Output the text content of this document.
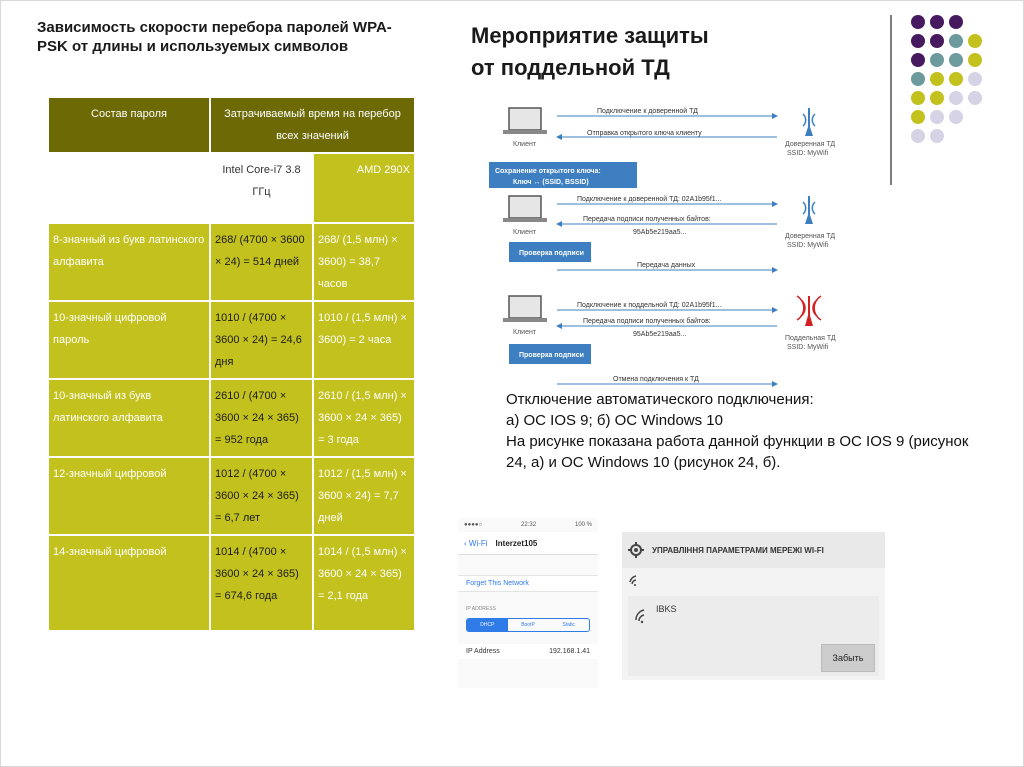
Зависимость скорости перебора паролей WPA-PSK от длины и используемых символов	Мероприятие защиты
от поддельной ТД
Состав пароля	Затрачиваемый время на перебор всех значений	
	Intel Core-i7 3.8 ГГц	AMD 290X
8-значный из букв латинского алфавита	268/ (4700 × 3600 × 24) = 514 дней	268/ (1,5 млн) × 3600) = 38,7 часов
10-значный цифровой пароль	1010 / (4700 × 3600 × 24) = 24,6 дня	1010 / (1,5 млн) × 3600) = 2 часа
10-значный из букв латинского алфавита	2610 / (4700 × 3600 × 24 × 365) = 952 года	2610 / (1,5 млн) × 3600 × 24 × 365) = 3 года
12-значный цифровой	1012 / (4700 × 3600 × 24 × 365) = 6,7 лет	1012 / (1,5 млн) × 3600 × 24) = 7,7 дней
14-значный цифровой	1014 / (4700 × 3600 × 24 × 365) = 674,6 года	1014 / (1,5 млн) × 3600 × 24 × 365) = 2,1 года
Клиент	Доверенная ТД
SSID: MyWifi
Подключение к доверенной ТД
Отправка открытого ключа клиенту
Сохранение открытого ключа:
Ключ ↔ (SSID, BSSID)
Клиент
Доверенная ТД
SSID: MyWifi
Подключение к доверенной ТД: 02A1b95f1...
Передача подписи полученных байтов:
95Ab5e219aa5...
Проверка подписи
Передача данных
Клиент
Поддельная ТД
SSID: MyWifi
Подключение к поддельной ТД: 02A1b95f1...
Передача подписи полученных байтов:
95Ab5e219aa5...
Проверка подписи
Отмена подключения к ТД
Отключение автоматического подключения:
а) ОС IOS 9; б) ОС Windows 10
На рисунке показана работа данной функции в ОС IOS 9 (рисунок 24, а) и ОС Windows 10 (рисунок 24, б).
●●●●○	22:32	100 %
‹ Wi-Fi Interzet105
Forget This Network
IP ADDRESS
DHCP	BootP	Static
IP Address	192.168.1.41
УПРАВЛІННЯ ПАРАМЕТРАМИ МЕРЕЖІ WI-FI
IBKS
Забыть
